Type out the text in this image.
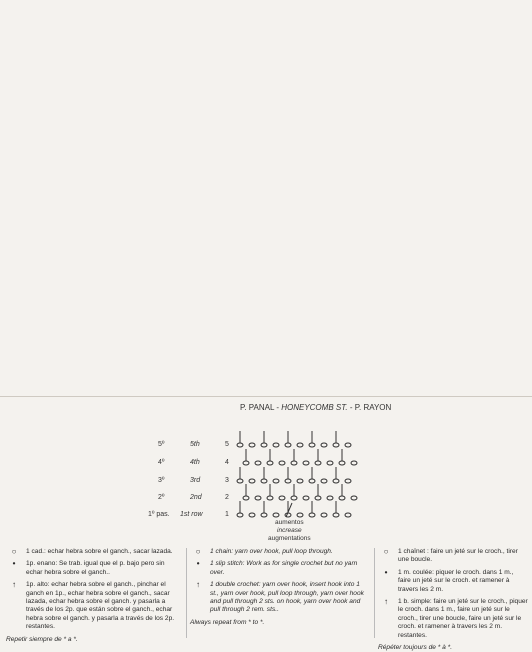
P. PANAL - HONEYCOMB ST. - P. RAYON
5º
4º
3º
2º
1º pas.
5th
4th
3rd
2nd
1st row
5
4
3
2
1
aumentos
increase
augmentations
○	1 cad.: echar hebra sobre el ganch., sacar lazada.
•	1p. enano: Se trab. igual que el p. bajo pero sin echar hebra sobre el ganch..
↑	1p. alto: echar hebra sobre el ganch., pinchar el ganch en 1p., echar hebra sobre el ganch., sacar lazada, echar hebra sobre el ganch. y pasarla a través de los 2p. que están sobre el ganch., echar hebra sobre el ganch. y pasarla a través de los 2p. restantes.
Repetir siempre de * a *.
○	1 chain: yarn over hook, pull loop through.
•	1 slip stitch: Work as for single crochet but no yarn over.
↑	1 double crochet: yarn over hook, insert hook into 1 st., yarn over hook, pull loop through, yarn over hook and pull through 2 sts. on hook, yarn over hook and pull through 2 rem. sts..
Always repeat from * to *.
○	1 chaînet : faire un jeté sur le croch., tirer une boucle.
•	1 m. coulée: piquer le croch. dans 1 m., faire un jeté sur le croch. et ramener à travers les 2 m.
↑	1 b. simple: faire un jeté sur le croch., piquer le croch. dans 1 m., faire un jeté sur le croch., tirer une boucle, faire un jeté sur le croch. et ramener à travers les 2 m. restantes.
Répéter toujours de * à *.
